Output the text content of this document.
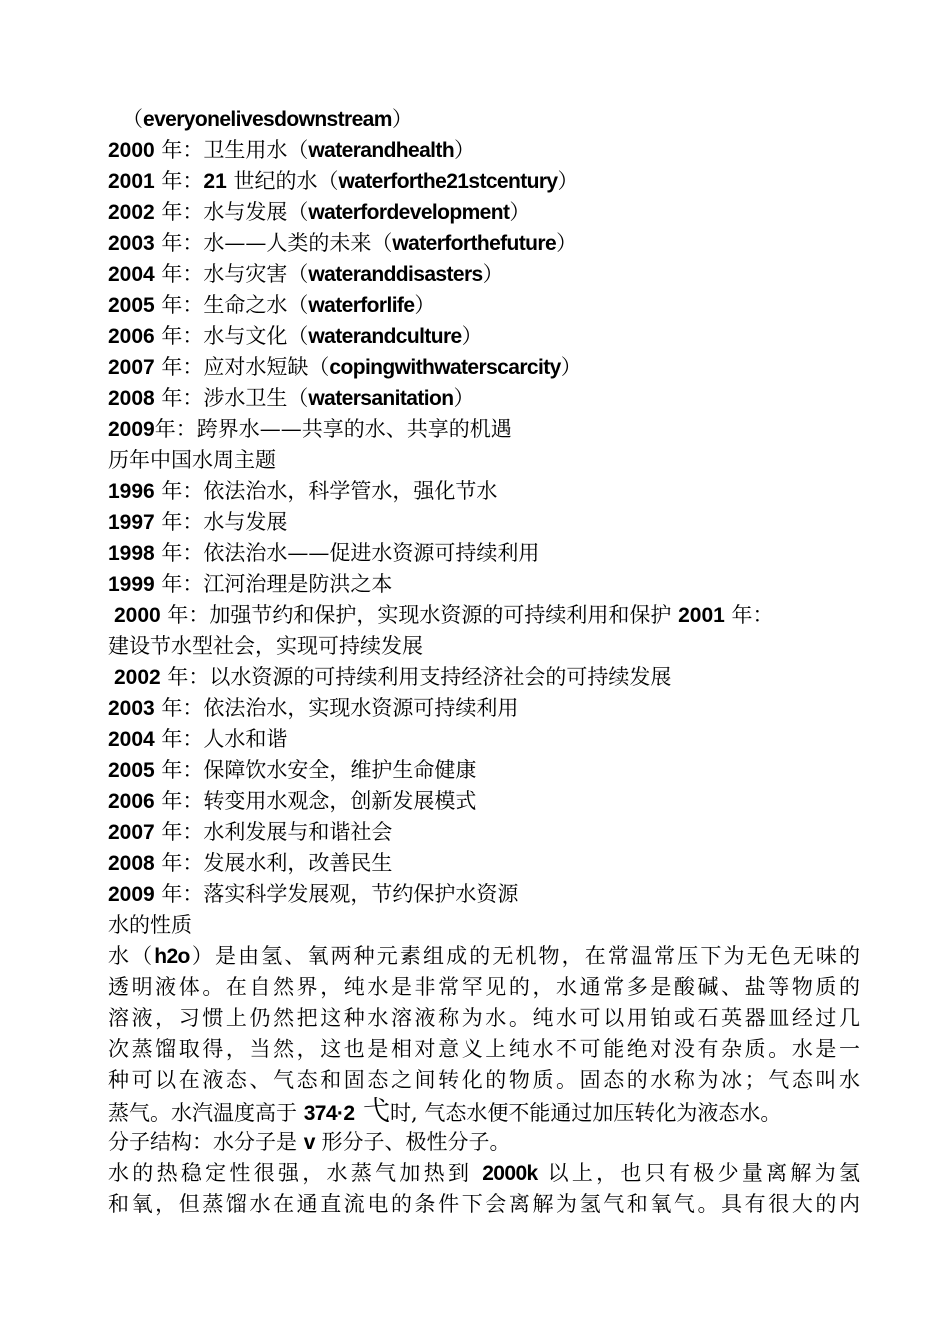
（everyonelivesdownstream）
2000 年：卫生用水（waterandhealth）
2001 年：21 世纪的水（waterforthe21stcentury）
2002 年：水与发展（waterfordevelopment）
2003 年：水——人类的未来（waterforthefuture）
2004 年：水与灾害（wateranddisasters）
2005 年：生命之水（waterforlife）
2006 年：水与文化（waterandculture）
2007 年：应对水短缺（copingwithwaterscarcity）
2008 年：涉水卫生（watersanitation）
2009年：跨界水——共享的水、共享的机遇
历年中国水周主题
1996 年：依法治水，科学管水，强化节水
1997 年：水与发展
1998 年：依法治水——促进水资源可持续利用
1999 年：江河治理是防洪之本
2000 年：加强节约和保护，实现水资源的可持续利用和保护 2001 年：
建设节水型社会，实现可持续发展
2002 年：以水资源的可持续利用支持经济社会的可持续发展
2003 年：依法治水，实现水资源可持续利用
2004 年：人水和谐
2005 年：保障饮水安全，维护生命健康
2006 年：转变用水观念，创新发展模式
2007 年：水利发展与和谐社会
2008 年：发展水利，改善民生
2009 年：落实科学发展观，节约保护水资源
水的性质
水（h2o）是由氢、氧两种元素组成的无机物，在常温常压下为无色无味的
透明液体。在自然界，纯水是非常罕见的，水通常多是酸碱、盐等物质的
溶液，习惯上仍然把这种水溶液称为水。纯水可以用铂或石英器皿经过几
次蒸馏取得，当然，这也是相对意义上纯水不可能绝对没有杂质。水是一
种可以在液态、气态和固态之间转化的物质。固态的水称为冰；气态叫水
蒸气。水汽温度高于 374·2 弋时, 气态水便不能通过加压转化为液态水。
分子结构：水分子是 v 形分子、极性分子。
水的热稳定性很强，水蒸气加热到 2000k 以上，也只有极少量离解为氢
和氧，但蒸馏水在通直流电的条件下会离解为氢气和氧气。具有很大的内
